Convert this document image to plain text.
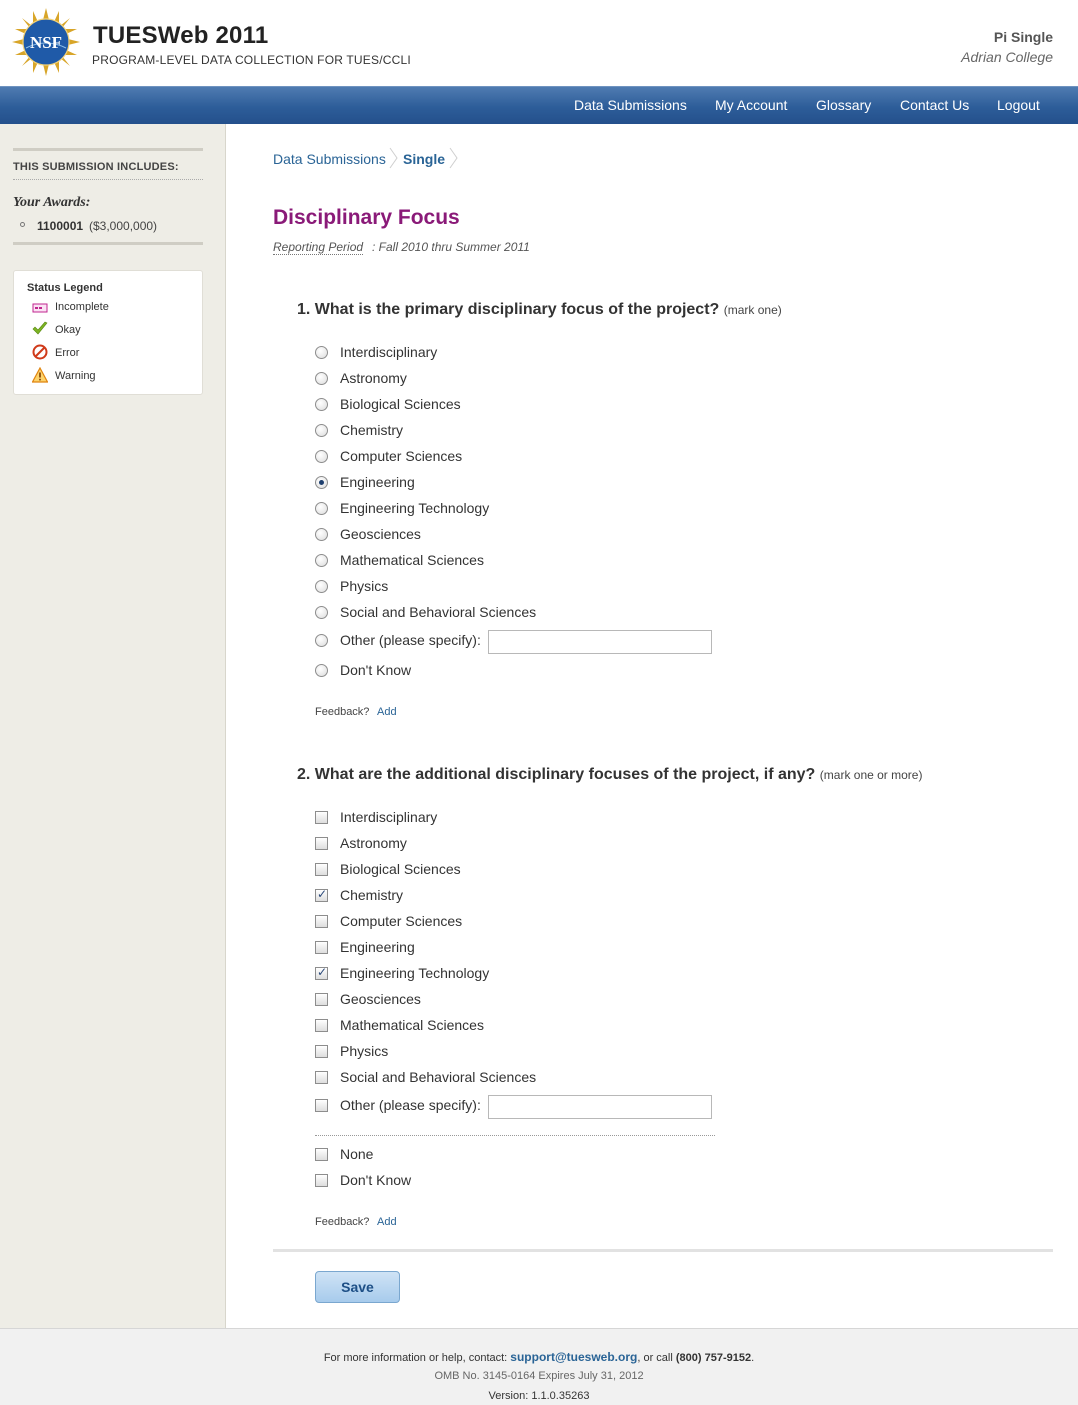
NSF TUESWeb 2011
PROGRAM-LEVEL DATA COLLECTION FOR TUES/CCLI
Pi Single
Adrian College
Data Submissions My Account Glossary Contact Us Logout
THIS SUBMISSION INCLUDES:
Your Awards:
1100001 ($3,000,000)
Status Legend
Incomplete
Okay
Error
Warning
Data Submissions Single
Disciplinary Focus
Reporting Period : Fall 2010 thru Summer 2011
1. What is the primary disciplinary focus of the project? (mark one)
Interdisciplinary
Astronomy
Biological Sciences
Chemistry
Computer Sciences
Engineering
Engineering Technology
Geosciences
Mathematical Sciences
Physics
Social and Behavioral Sciences
Other (please specify):
Don't Know
Feedback? Add
2. What are the additional disciplinary focuses of the project, if any? (mark one or more)
Interdisciplinary
Astronomy
Biological Sciences
✓
Chemistry
Computer Sciences
Engineering
✓
Engineering Technology
Geosciences
Mathematical Sciences
Physics
Social and Behavioral Sciences
Other (please specify):
None
Don't Know
Feedback? Add
Save
For more information or help, contact: support@tuesweb.org, or call (800) 757-9152.
OMB No. 3145-0164 Expires July 31, 2012
Version: 1.1.0.35263
